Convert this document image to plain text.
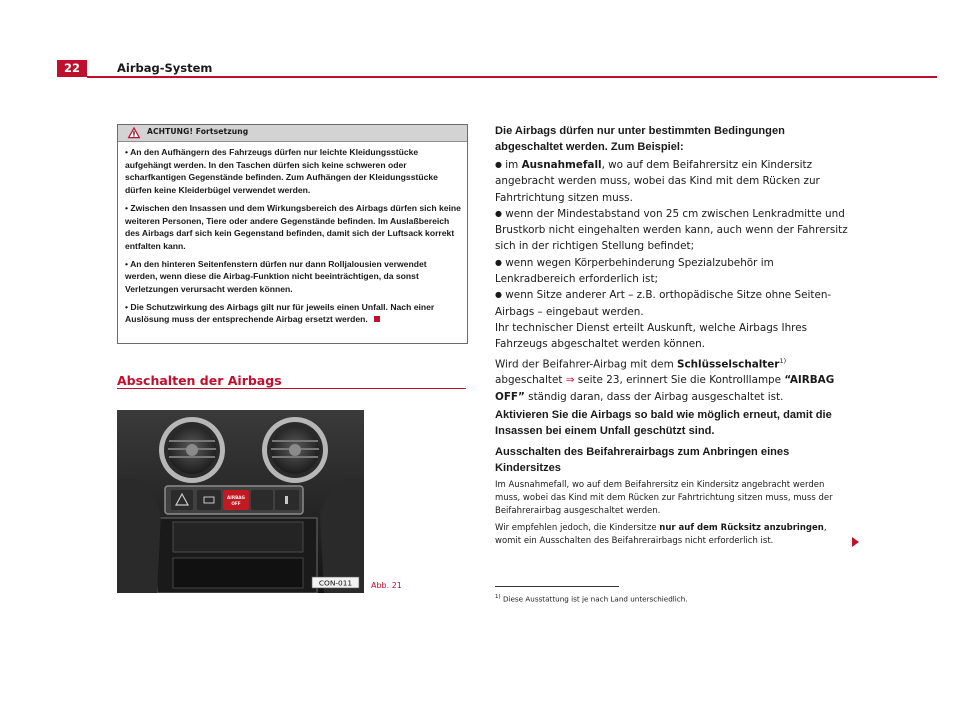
22	Airbag-System
ACHTUNG! Fortsetzung

• An den Aufhängern des Fahrzeugs dürfen nur leichte Kleidungsstücke aufgehängt werden. In den Taschen dürfen sich keine schweren oder scharfkantigen Gegenstände befinden. Zum Aufhängen der Kleidungsstücke dürfen keine Kleiderbügel verwendet werden.

• Zwischen den Insassen und dem Wirkungsbereich des Airbags dürfen sich keine weiteren Personen, Tiere oder andere Gegenstände befinden. Im Auslaßbereich des Airbags darf sich kein Gegenstand befinden, damit sich der Luftsack korrekt entfalten kann.

• An den hinteren Seitenfenstern dürfen nur dann Rolljalousien verwendet werden, wenn diese die Airbag-Funktion nicht beeinträchtigen, da sonst Verletzungen verursacht werden können.

• Die Schutzwirkung des Airbags gilt nur für jeweils einen Unfall. Nach einer Auslösung muss der entsprechende Airbag ersetzt werden.

Abschalten der Airbags
AIRBAG
OFF
CON-011 Abb. 21

Die Airbags dürfen nur unter bestimmten Bedingungen abgeschaltet werden. Zum Beispiel:

● im Ausnahmefall, wo auf dem Beifahrersitz ein Kindersitz angebracht werden muss, wobei das Kind mit dem Rücken zur Fahrtrichtung sitzen muss.

● wenn der Mindestabstand von 25 cm zwischen Lenkradmitte und Brustkorb nicht eingehalten werden kann, auch wenn der Fahrersitz sich in der richtigen Stellung befindet;

● wenn wegen Körperbehinderung Spezialzubehör im Lenkradbereich erforderlich ist;

● wenn Sitze anderer Art – z.B. orthopädische Sitze ohne Seiten-Airbags – eingebaut werden.

Ihr technischer Dienst erteilt Auskunft, welche Airbags Ihres Fahrzeugs abgeschaltet werden können.

Wird der Beifahrer-Airbag mit dem Schlüsselschalter$^{1)}$ abgeschaltet ⇒ seite 23, erinnert Sie die Kontrolllampe “AIRBAG OFF” ständig daran, dass der Airbag ausgeschaltet ist.

Aktivieren Sie die Airbags so bald wie möglich erneut, damit die Insassen bei einem Unfall geschützt sind.

Ausschalten des Beifahrerairbags zum Anbringen eines Kindersitzes

Im Ausnahmefall, wo auf dem Beifahrersitz ein Kindersitz angebracht werden muss, wobei das Kind mit dem Rücken zur Fahrtrichtung sitzen muss, muss der Beifahrerairbag ausgeschaltet werden.

Wir empfehlen jedoch, die Kindersitze nur auf dem Rücksitz anzubringen, womit ein Ausschalten des Beifahrerairbags nicht erforderlich ist.

$^{1)}$ Diese Ausstattung ist je nach Land unterschiedlich.
